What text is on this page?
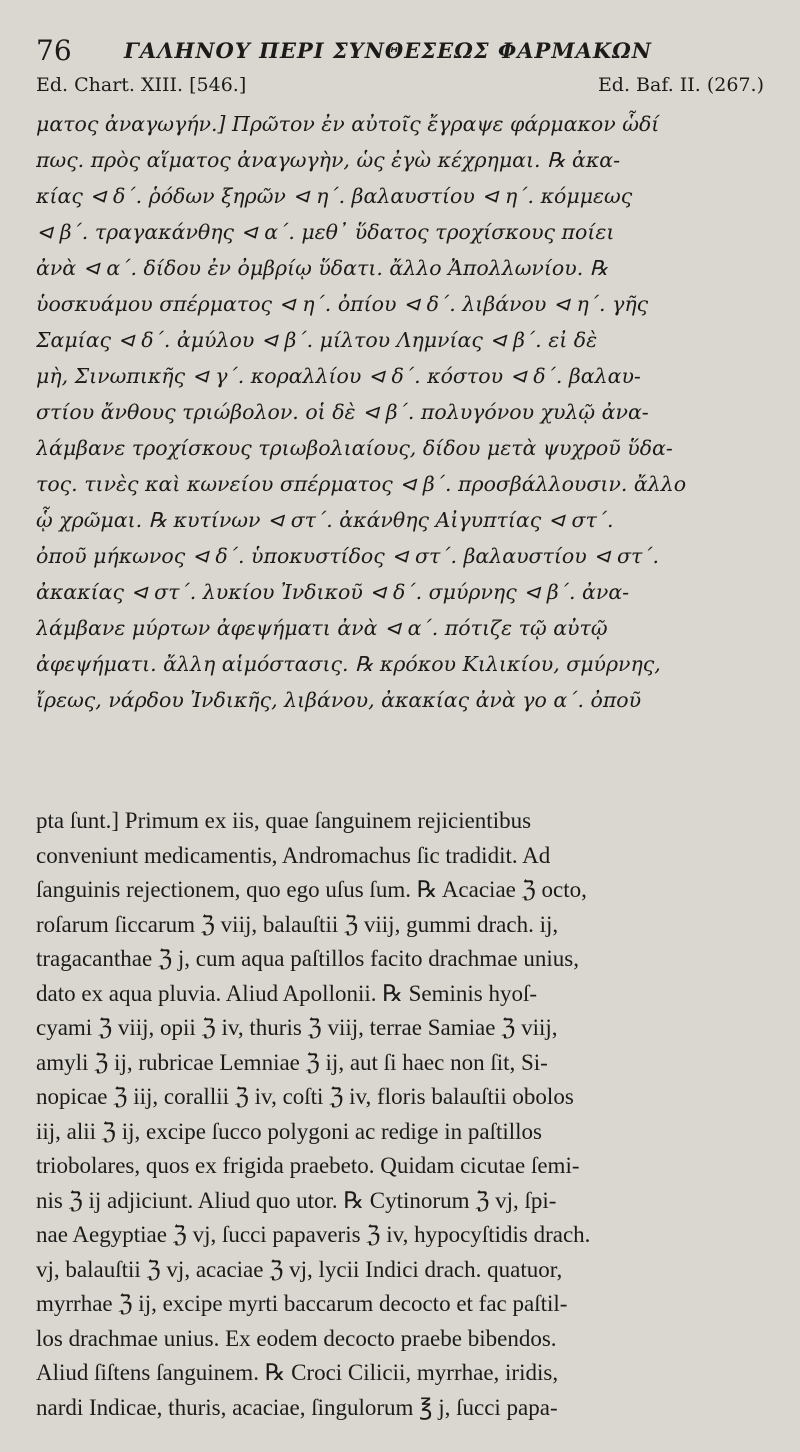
76 ΓΑΛΗΝΟΥ ΠΕΡΙ ΣΥΝΘΕΣΕΩΣ ΦΑΡΜΑΚΩΝ
Ed. Chart. XIII. [546.]	Ed. Baf. II. (267.)
ματος ἀναγωγήν.] Πρῶτον ἐν αὐτοῖς ἔγραψε φάρμακον ὧδί
πως. πρὸς αἵματος ἀναγωγὴν, ὡς ἐγὼ κέχρημαι. ℞ ἀκα-
κίας ⊲ δ΄. ῥόδων ξηρῶν ⊲ η΄. βαλαυστίου ⊲ η΄. κόμμεως
⊲ β΄. τραγακάνθης ⊲ α΄. μεθ᾽ ὕδατος τροχίσκους ποίει
ἀνὰ ⊲ α΄. δίδου ἐν ὀμβρίῳ ὕδατι. ἄλλο Ἀπολλωνίου. ℞
ὑοσκυάμου σπέρματος ⊲ η΄. ὀπίου ⊲ δ΄. λιβάνου ⊲ η΄. γῆς
Σαμίας ⊲ δ΄. ἀμύλου ⊲ β΄. μίλτου Λημνίας ⊲ β΄. εἰ δὲ
μὴ, Σινωπικῆς ⊲ γ΄. κοραλλίου ⊲ δ΄. κόστου ⊲ δ΄. βαλαυ-
στίου ἄνθους τριώβολον. οἱ δὲ ⊲ β΄. πολυγόνου χυλῷ ἀνα-
λάμβανε τροχίσκους τριωβολιαίους, δίδου μετὰ ψυχροῦ ὕδα-
τος. τινὲς καὶ κωνείου σπέρματος ⊲ β΄. προσβάλλουσιν. ἄλλο
ᾧ χρῶμαι. ℞ κυτίνων ⊲ στ΄. ἀκάνθης Αἰγυπτίας ⊲ στ΄.
ὀποῦ μήκωνος ⊲ δ΄. ὑποκυστίδος ⊲ στ΄. βαλαυστίου ⊲ στ΄.
ἀκακίας ⊲ στ΄. λυκίου Ἰνδικοῦ ⊲ δ΄. σμύρνης ⊲ β΄. ἀνα-
λάμβανε μύρτων ἀφεψήματι ἀνὰ ⊲ α΄. πότιζε τῷ αὐτῷ
ἀφεψήματι. ἄλλη αἱμόστασις. ℞ κρόκου Κιλικίου, σμύρνης,
ἴρεως, νάρδου Ἰνδικῆς, λιβάνου, ἀκακίας ἀνὰ γο α΄. ὀποῦ
pta ſunt.] Primum ex iis, quae ſanguinem rejicientibus
conveniunt medicamentis, Andromachus ſic tradidit. Ad
ſanguinis rejectionem, quo ego uſus ſum. ℞ Acaciae ℨ octo,
roſarum ſiccarum ℨ viij, balauſtii ℨ viij, gummi drach. ij,
tragacanthae ℨ j, cum aqua paſtillos facito drachmae unius,
dato ex aqua pluvia. Aliud Apollonii. ℞ Seminis hyoſ-
cyami ℨ viij, opii ℨ iv, thuris ℨ viij, terrae Samiae ℨ viij,
amyli ℨ ij, rubricae Lemniae ℨ ij, aut ſi haec non ſit, Si-
nopicae ℨ iij, corallii ℨ iv, coſti ℨ iv, floris balauſtii obolos
iij, alii ℨ ij, excipe ſucco polygoni ac redige in paſtillos
triobolares, quos ex frigida praebeto. Quidam cicutae ſemi-
nis ℨ ij adjiciunt. Aliud quo utor. ℞ Cytinorum ℨ vj, ſpi-
nae Aegyptiae ℨ vj, ſucci papaveris ℨ iv, hypocyſtidis drach.
vj, balauſtii ℨ vj, acaciae ℨ vj, lycii Indici drach. quatuor,
myrrhae ℨ ij, excipe myrti baccarum decocto et fac paſtil-
los drachmae unius. Ex eodem decocto praebe bibendos.
Aliud ſiſtens ſanguinem. ℞ Croci Cilicii, myrrhae, iridis,
nardi Indicae, thuris, acaciae, ſingulorum ℥ j, ſucci papa-
